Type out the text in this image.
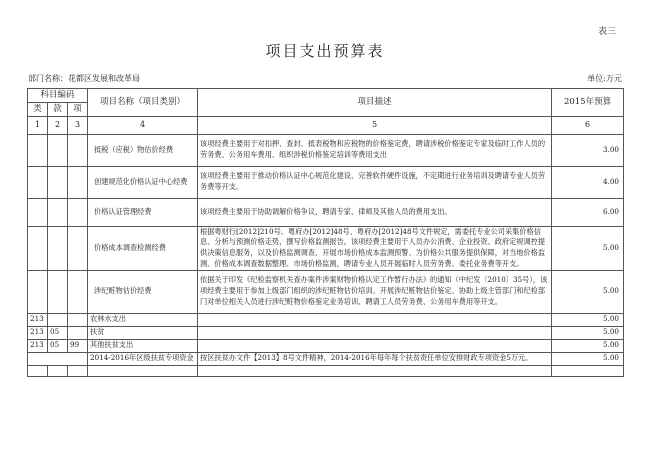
表三
项目支出预算表
部门名称：花都区发展和改革局	单位:万元
科目编码			项目名称（项目类别）	项目描述	2015年预算
类	款	项			
1	2	3	4	5	6
			抵税（应税）物估价经费	该项经费主要用于对扣押、查封、抵表税物和应税物的价格鉴定费，聘请涉税价格鉴定专家及临时工作人员的劳务费、公务用车费用、组织涉税价格鉴定培训等费用支出	3.00
			创建规范化价格认证中心经费	该项经费主要用于推动价格认证中心规范化建设、完善软件硬件设施，不定期进行业务培训及聘请专业人员劳务费等开支。	4.00
			价格认证管理经费	该项经费主要用于协助调解价格争议，聘请专家、律师及其他人员的费用支出。	6.00
			价格成本调查检测经费	根据粤财行[2012]210号、粤府办[2012]48号、粤府办[2012]48号文件规定，需委托专业公司采集价格信息、分析与预测价格走势，撰写价格监测报告。该项经费主要用于人员办公消费、企业投资、政府定规调控提供决策信息服务，以及价格监测调查、开展市场价格成本监测预警、为价格公共服务提供保障，对当地价格监测、价格成本调查数据整理、市场价格监测，聘请专业人员开展临时人员劳务费、委托业务费等开支。	5.00
			涉纪赃物估价经费	依据关于印发《纪检监察机关查办案件涉案财物价格认定工作暂行办法》的通知（中纪发〔2010〕35号），该项经费主要用于参加上级部门组织的涉纪赃物估价培训、开展涉纪赃物估价鉴定、协助上级主管部门和纪检部门对单位相关人员进行涉纪赃物价格鉴定业务培训、聘请工人员劳务费、公务用车费用等开支。	5.00
213			农林水支出		5.00
213	05		扶贫		5.00
213	05	99	其他扶贫支出		5.00
			2014-2016年区级扶贫专项资金	按区扶贫办文件【2013】8号文件精神，2014-2016年每年每个扶贫责任单位安排财政专项资金5万元。	5.00
